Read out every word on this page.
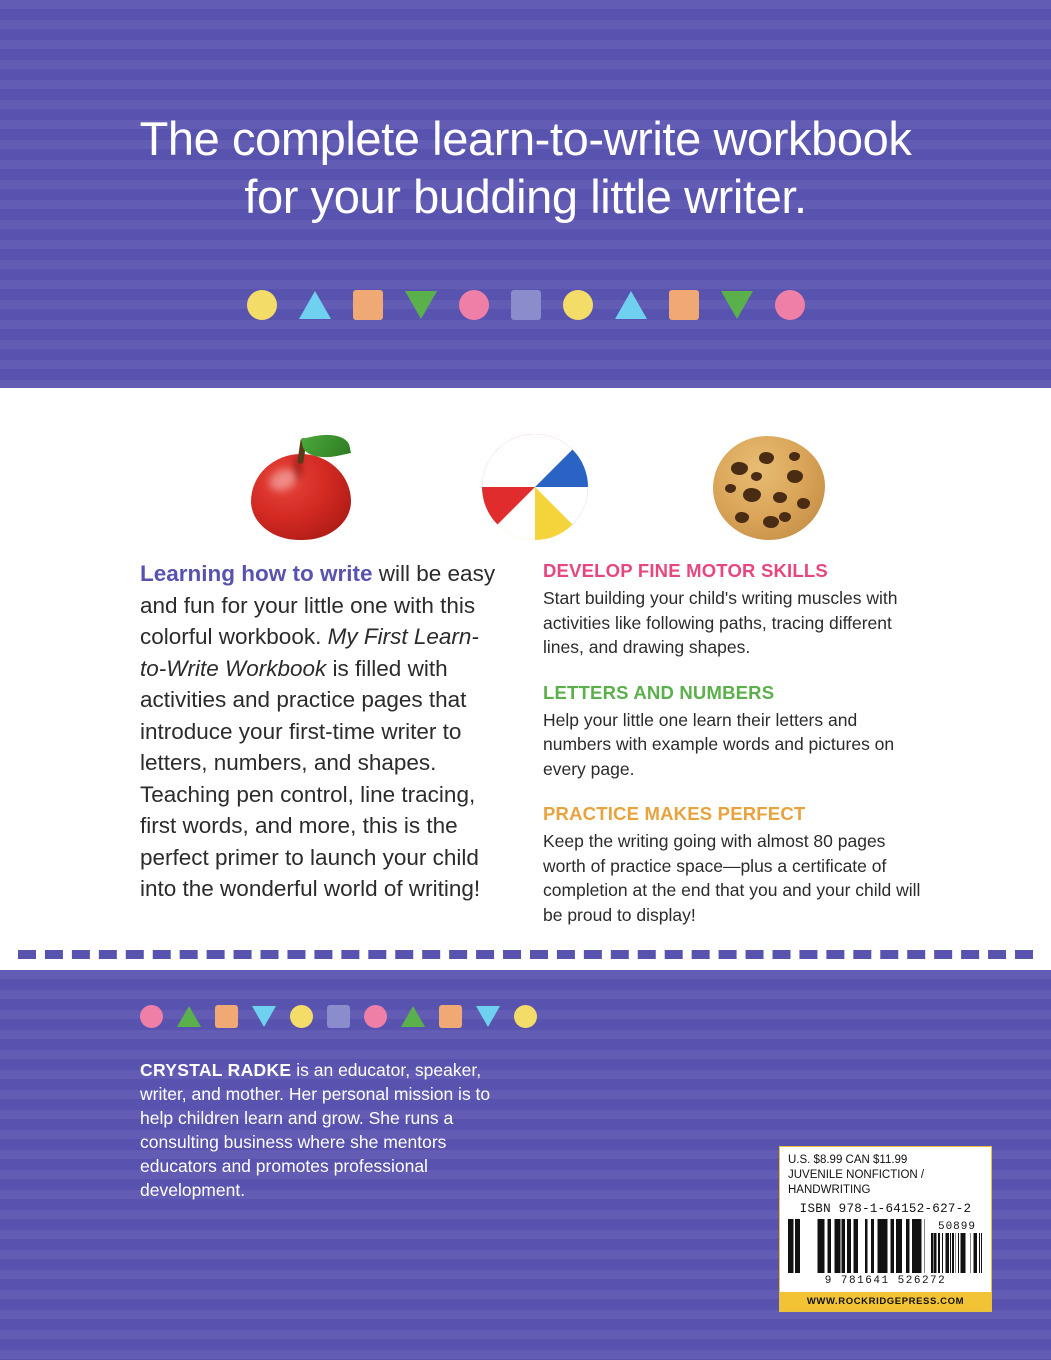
The complete learn-to-write workbook
for your budding little writer.
Learning how to write will be easy and fun for your little one with this colorful workbook. My First Learn-to-Write Workbook is filled with activities and practice pages that introduce your first-time writer to letters, numbers, and shapes. Teaching pen control, line tracing, first words, and more, this is the perfect primer to launch your child into the wonderful world of writing!
DEVELOP FINE MOTOR SKILLS

Start building your child's writing muscles with activities like following paths, tracing different lines, and drawing shapes.

LETTERS AND NUMBERS

Help your little one learn their letters and numbers with example words and pictures on every page.

PRACTICE MAKES PERFECT

Keep the writing going with almost 80 pages worth of practice space—plus a certificate of completion at the end that you and your child will be proud to display!

CRYSTAL RADKE is an educator, speaker, writer, and mother. Her personal mission is to help children learn and grow. She runs a consulting business where she mentors educators and promotes professional development.
U.S. $8.99 CAN $11.99
JUVENILE NONFICTION / HANDWRITING
ISBN 978-1-64152-627-2
50899
9 781641 526272
WWW.ROCKRIDGEPRESS.COM
